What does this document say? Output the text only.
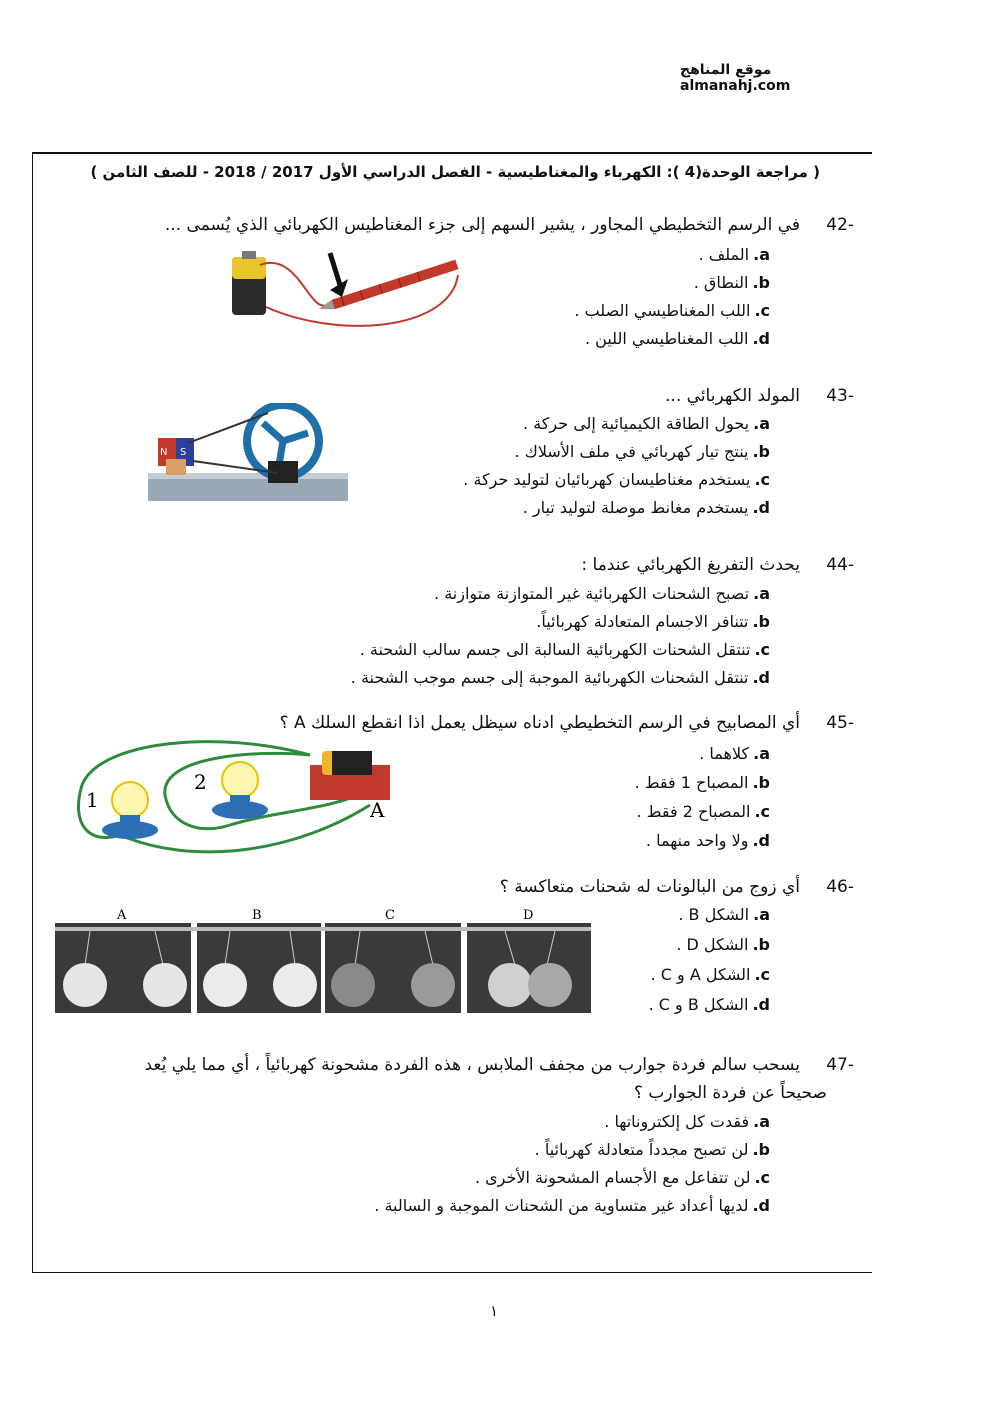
موقع المناهج almanahj.com
( مراجعة الوحدة(4 ): الكهرباء والمغناطيسية - الفصل الدراسي الأول 2017 / 2018 - للصف الثامن )
42-
في الرسم التخطيطي المجاور ، يشير السهم إلى جزء المغناطيس الكهربائي الذي يُسمى ...
a.الملف .
b.النطاق .
c.اللب المغناطيسي الصلب .
d.اللب المغناطيسي اللين .
43-
المولد الكهربائي ...
a.يحول الطاقة الكيميائية إلى حركة .
b.ينتج تيار كهربائي في ملف الأسلاك .
c.يستخدم مغناطيسان كهربائيان لتوليد حركة .
d.يستخدم مغانط موصلة لتوليد تيار .
N S
44-
يحدث التفريغ الكهربائي عندما :
a.تصبح الشحنات الكهربائية غير المتوازنة متوازنة .
b.تتنافر الاجسام المتعادلة كهربائياً.
c.تنتقل الشحنات الكهربائية السالبة الى جسم سالب الشحنة .
d.تنتقل الشحنات الكهربائية الموجبة إلى جسم موجب الشحنة .
45-
أي المصابيح في الرسم التخطيطي ادناه سيظل يعمل اذا انقطع السلك A ؟
a.كلاهما .
b.المصباح 1 فقط .
c.المصباح 2 فقط .
d.ولا واحد منهما .
1
2
A
46-
أي زوج من البالونات له شحنات متعاكسة ؟
a.الشكل B .
b.الشكل D .
c.الشكل A و C .
d.الشكل B و C .
A	B	C	D
47-
يسحب سالم فردة جوارب من مجفف الملابس ، هذه الفردة مشحونة كهربائياً ، أي مما يلي يُعد
صحيحاً عن فردة الجوارب ؟
a.فقدت كل إلكتروناتها .
b.لن تصبح مجدداً متعادلة كهربائياً .
c.لن تتفاعل مع الأجسام المشحونة الأخرى .
d.لديها أعداد غير متساوية من الشحنات الموجبة و السالبة .
١
